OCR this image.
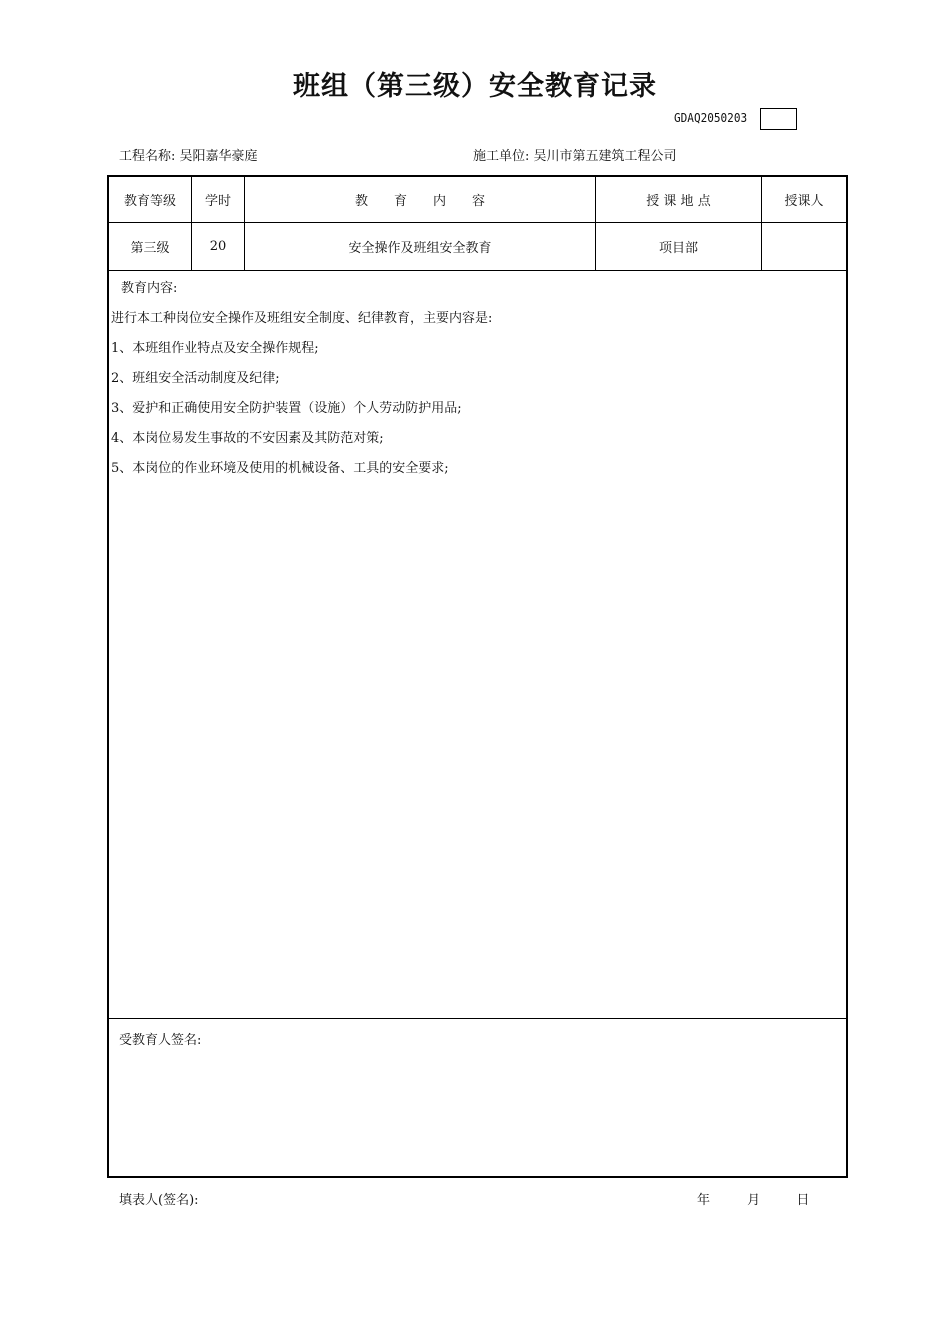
班组（第三级）安全教育记录
GDAQ2050203
工程名称: 吴阳嘉华豪庭	施工单位: 吴川市第五建筑工程公司
教育等级	学时	教　　育　　内　　容	授 课 地 点	授课人
第三级	20	安全操作及班组安全教育	项目部
教育内容:
进行本工种岗位安全操作及班组安全制度、纪律教育，主要内容是:
1、本班组作业特点及安全操作规程;
2、班组安全活动制度及纪律;
3、爱护和正确使用安全防护装置（设施）个人劳动防护用品;
4、本岗位易发生事故的不安因素及其防范对策;
5、本岗位的作业环境及使用的机械设备、工具的安全要求;
受教育人签名:
填表人(签名):	年	月	日
